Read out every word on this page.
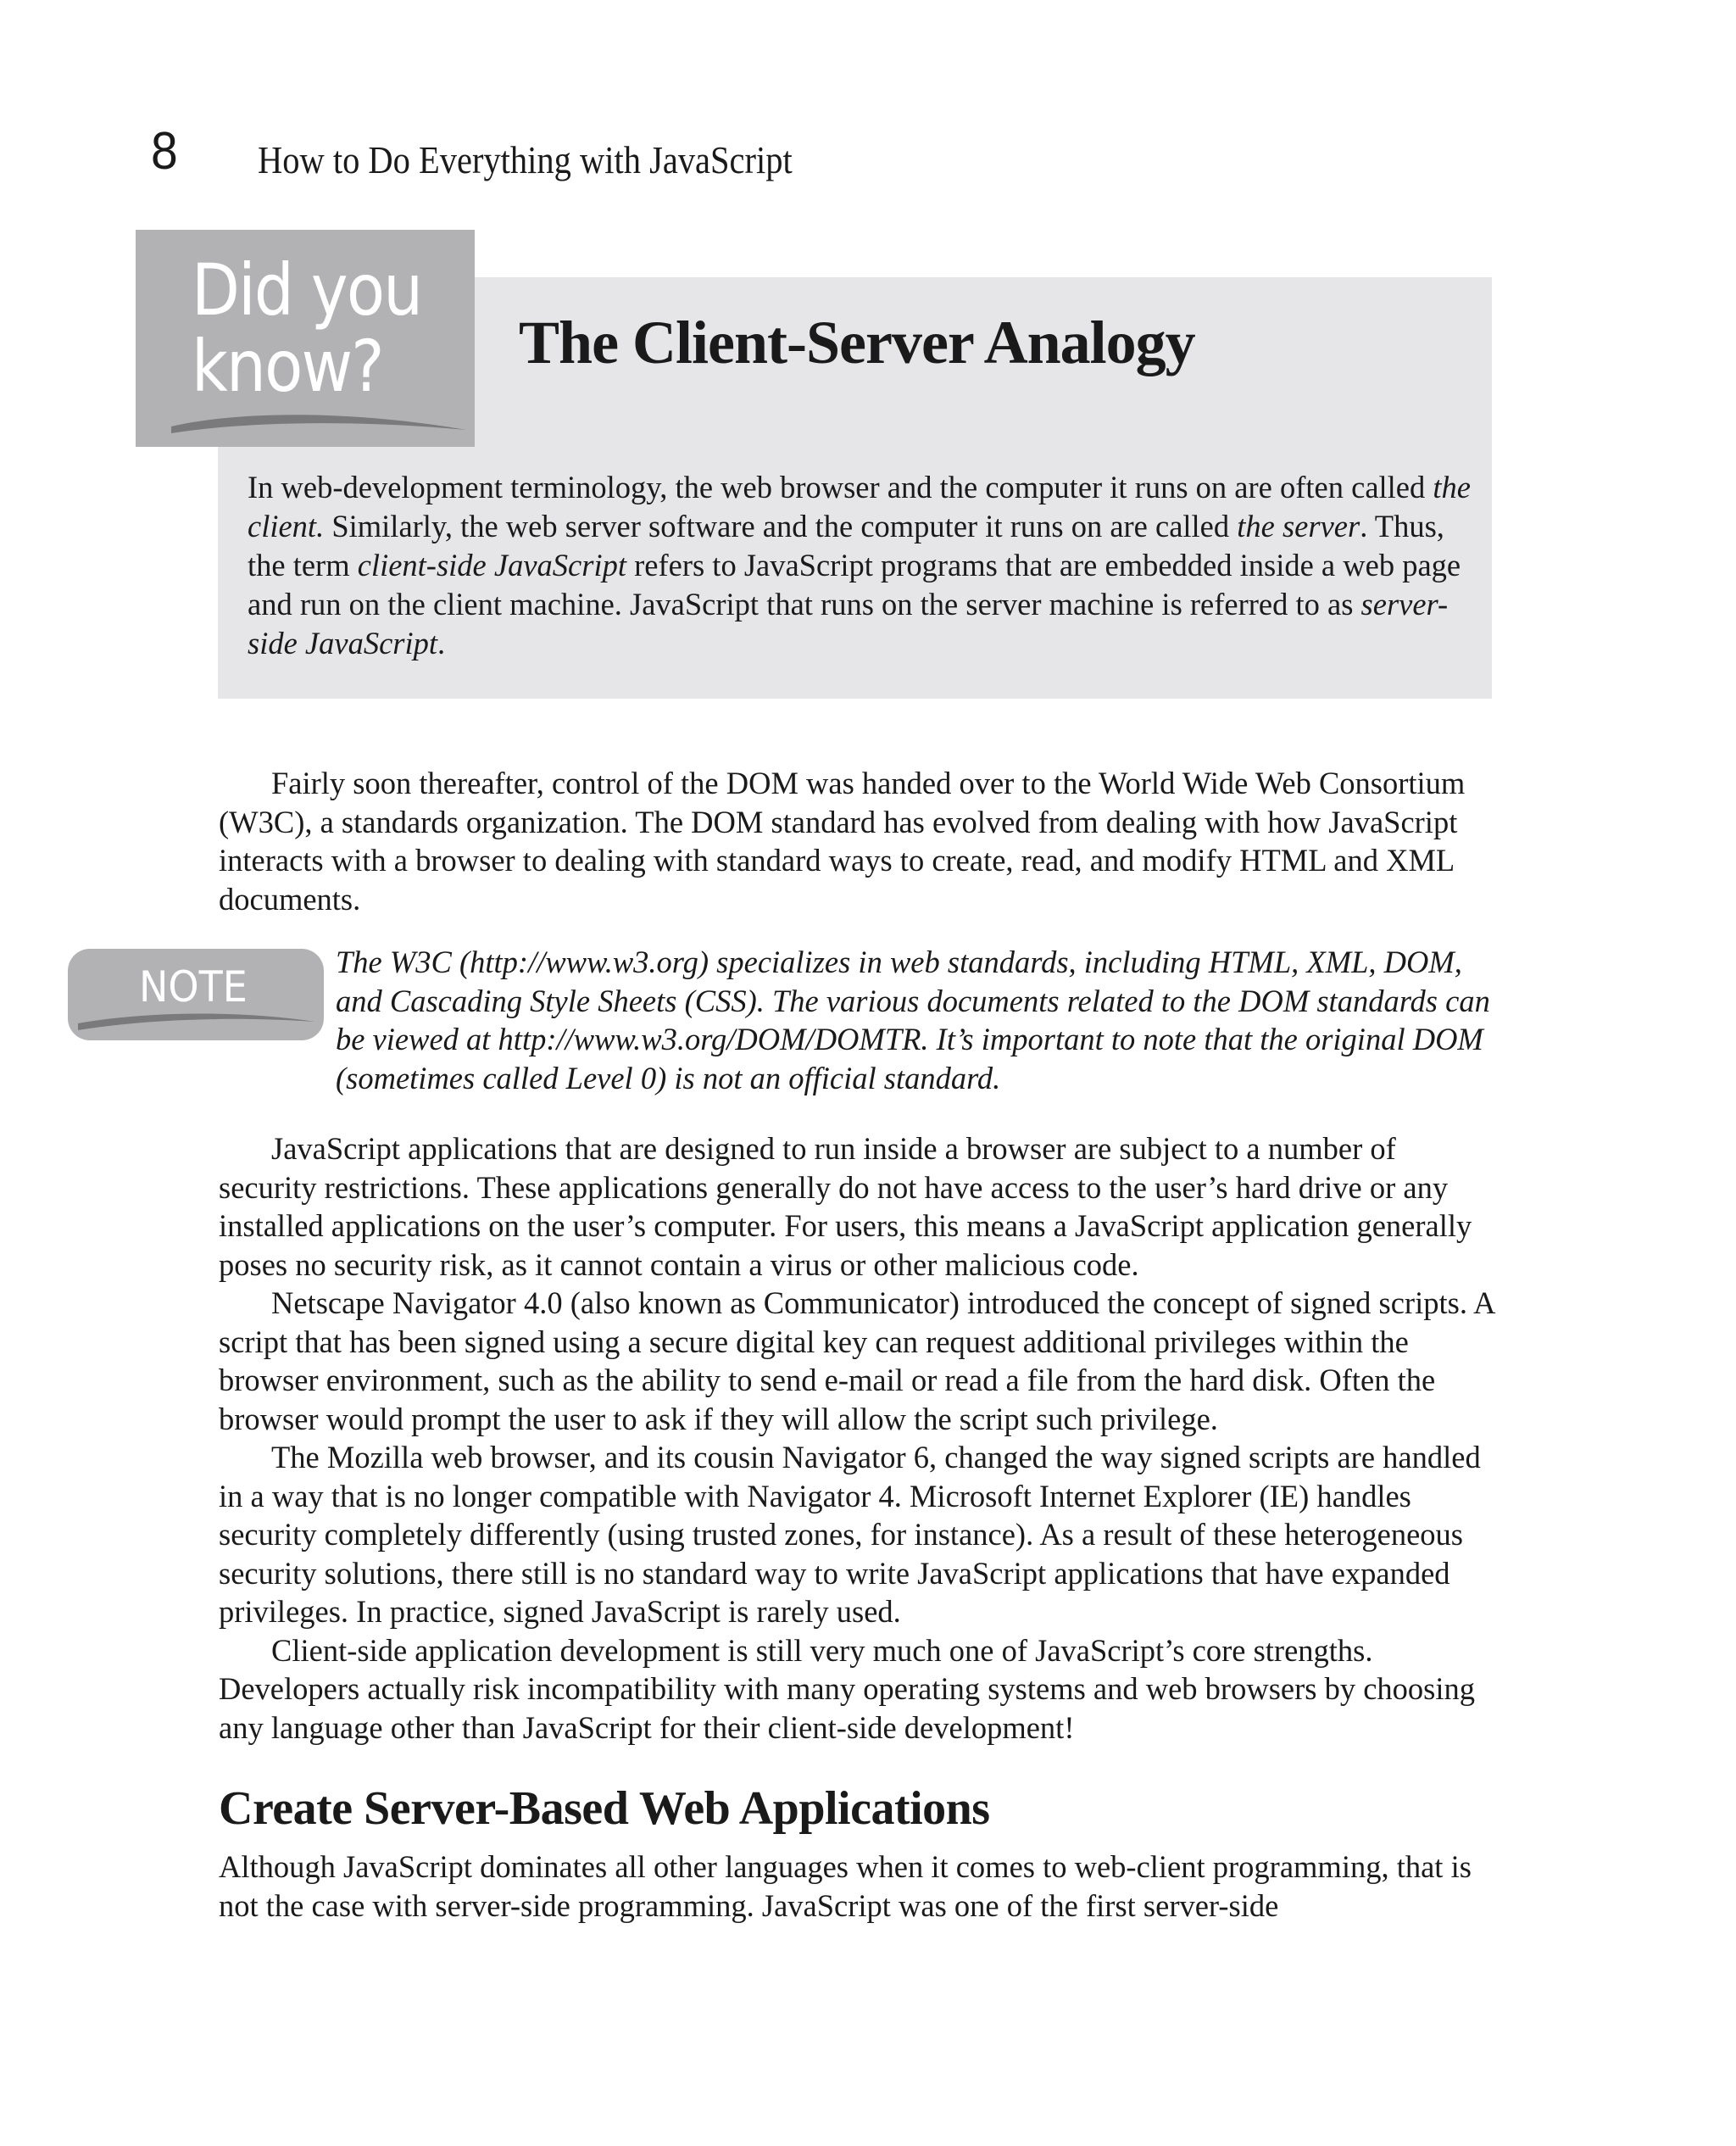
8 How to Do Everything with JavaScript
Did you
know?	The Client-Server Analogy

In web-development terminology, the web browser and the computer it runs on are often called the client. Similarly, the web server software and the computer it runs on are called the server. Thus, the term client-side JavaScript refers to JavaScript programs that are embedded inside a web page and run on the client machine. JavaScript that runs on the server machine is referred to as server-side JavaScript.

Fairly soon thereafter, control of the DOM was handed over to the World Wide Web Consortium (W3C), a standards organization. The DOM standard has evolved from dealing with how JavaScript interacts with a browser to dealing with standard ways to create, read, and modify HTML and XML documents.

NOTE

The W3C (http://www.w3.org) specializes in web standards, including HTML, XML, DOM, and Cascading Style Sheets (CSS). The various documents related to the DOM standards can be viewed at http://www.w3.org/DOM/DOMTR. It’s important to note that the original DOM (sometimes called Level 0) is not an official standard.

JavaScript applications that are designed to run inside a browser are subject to a number of security restrictions. These applications generally do not have access to the user’s hard drive or any installed applications on the user’s computer. For users, this means a JavaScript application generally poses no security risk, as it cannot contain a virus or other malicious code.

Netscape Navigator 4.0 (also known as Communicator) introduced the concept of signed scripts. A script that has been signed using a secure digital key can request additional privileges within the browser environment, such as the ability to send e-mail or read a file from the hard disk. Often the browser would prompt the user to ask if they will allow the script such privilege.

The Mozilla web browser, and its cousin Navigator 6, changed the way signed scripts are handled in a way that is no longer compatible with Navigator 4. Microsoft Internet Explorer (IE) handles security completely differently (using trusted zones, for instance). As a result of these heterogeneous security solutions, there still is no standard way to write JavaScript applications that have expanded privileges. In practice, signed JavaScript is rarely used.

Client-side application development is still very much one of JavaScript’s core strengths. Developers actually risk incompatibility with many operating systems and web browsers by choosing any language other than JavaScript for their client-side development!

Create Server-Based Web Applications

Although JavaScript dominates all other languages when it comes to web-client programming, that is not the case with server-side programming. JavaScript was one of the first server-side
